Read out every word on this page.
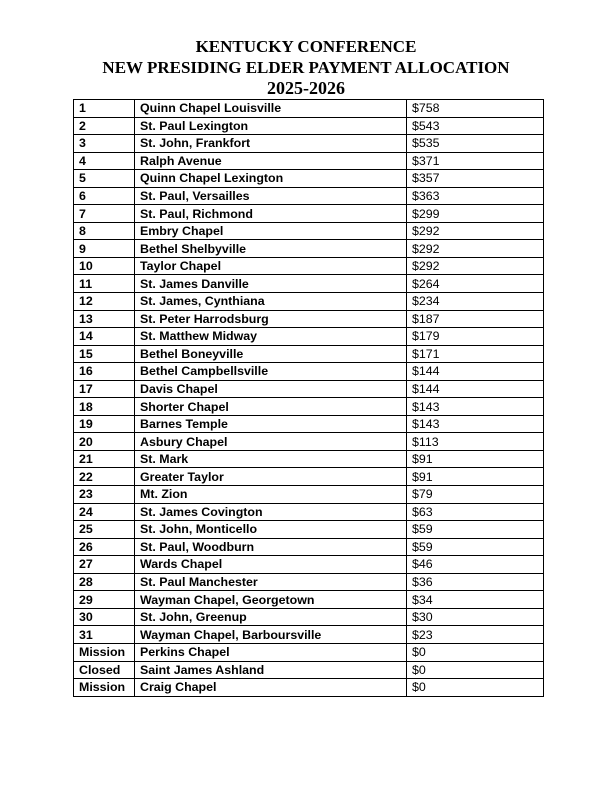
KENTUCKY CONFERENCE
NEW PRESIDING ELDER PAYMENT ALLOCATION
2025-2026
1	Quinn Chapel Louisville	$758
2	St. Paul Lexington	$543
3	St. John, Frankfort	$535
4	Ralph Avenue	$371
5	Quinn Chapel Lexington	$357
6	St. Paul, Versailles	$363
7	St. Paul, Richmond	$299
8	Embry Chapel	$292
9	Bethel Shelbyville	$292
10	Taylor Chapel	$292
11	St. James Danville	$264
12	St. James, Cynthiana	$234
13	St. Peter Harrodsburg	$187
14	St. Matthew Midway	$179
15	Bethel Boneyville	$171
16	Bethel Campbellsville	$144
17	Davis Chapel	$144
18	Shorter Chapel	$143
19	Barnes Temple	$143
20	Asbury Chapel	$113
21	St. Mark	$91
22	Greater Taylor	$91
23	Mt. Zion	$79
24	St. James Covington	$63
25	St. John, Monticello	$59
26	St. Paul, Woodburn	$59
27	Wards Chapel	$46
28	St. Paul Manchester	$36
29	Wayman Chapel, Georgetown	$34
30	St. John, Greenup	$30
31	Wayman Chapel, Barboursville	$23
Mission	Perkins Chapel	$0
Closed	Saint James Ashland	$0
Mission	Craig Chapel	$0
